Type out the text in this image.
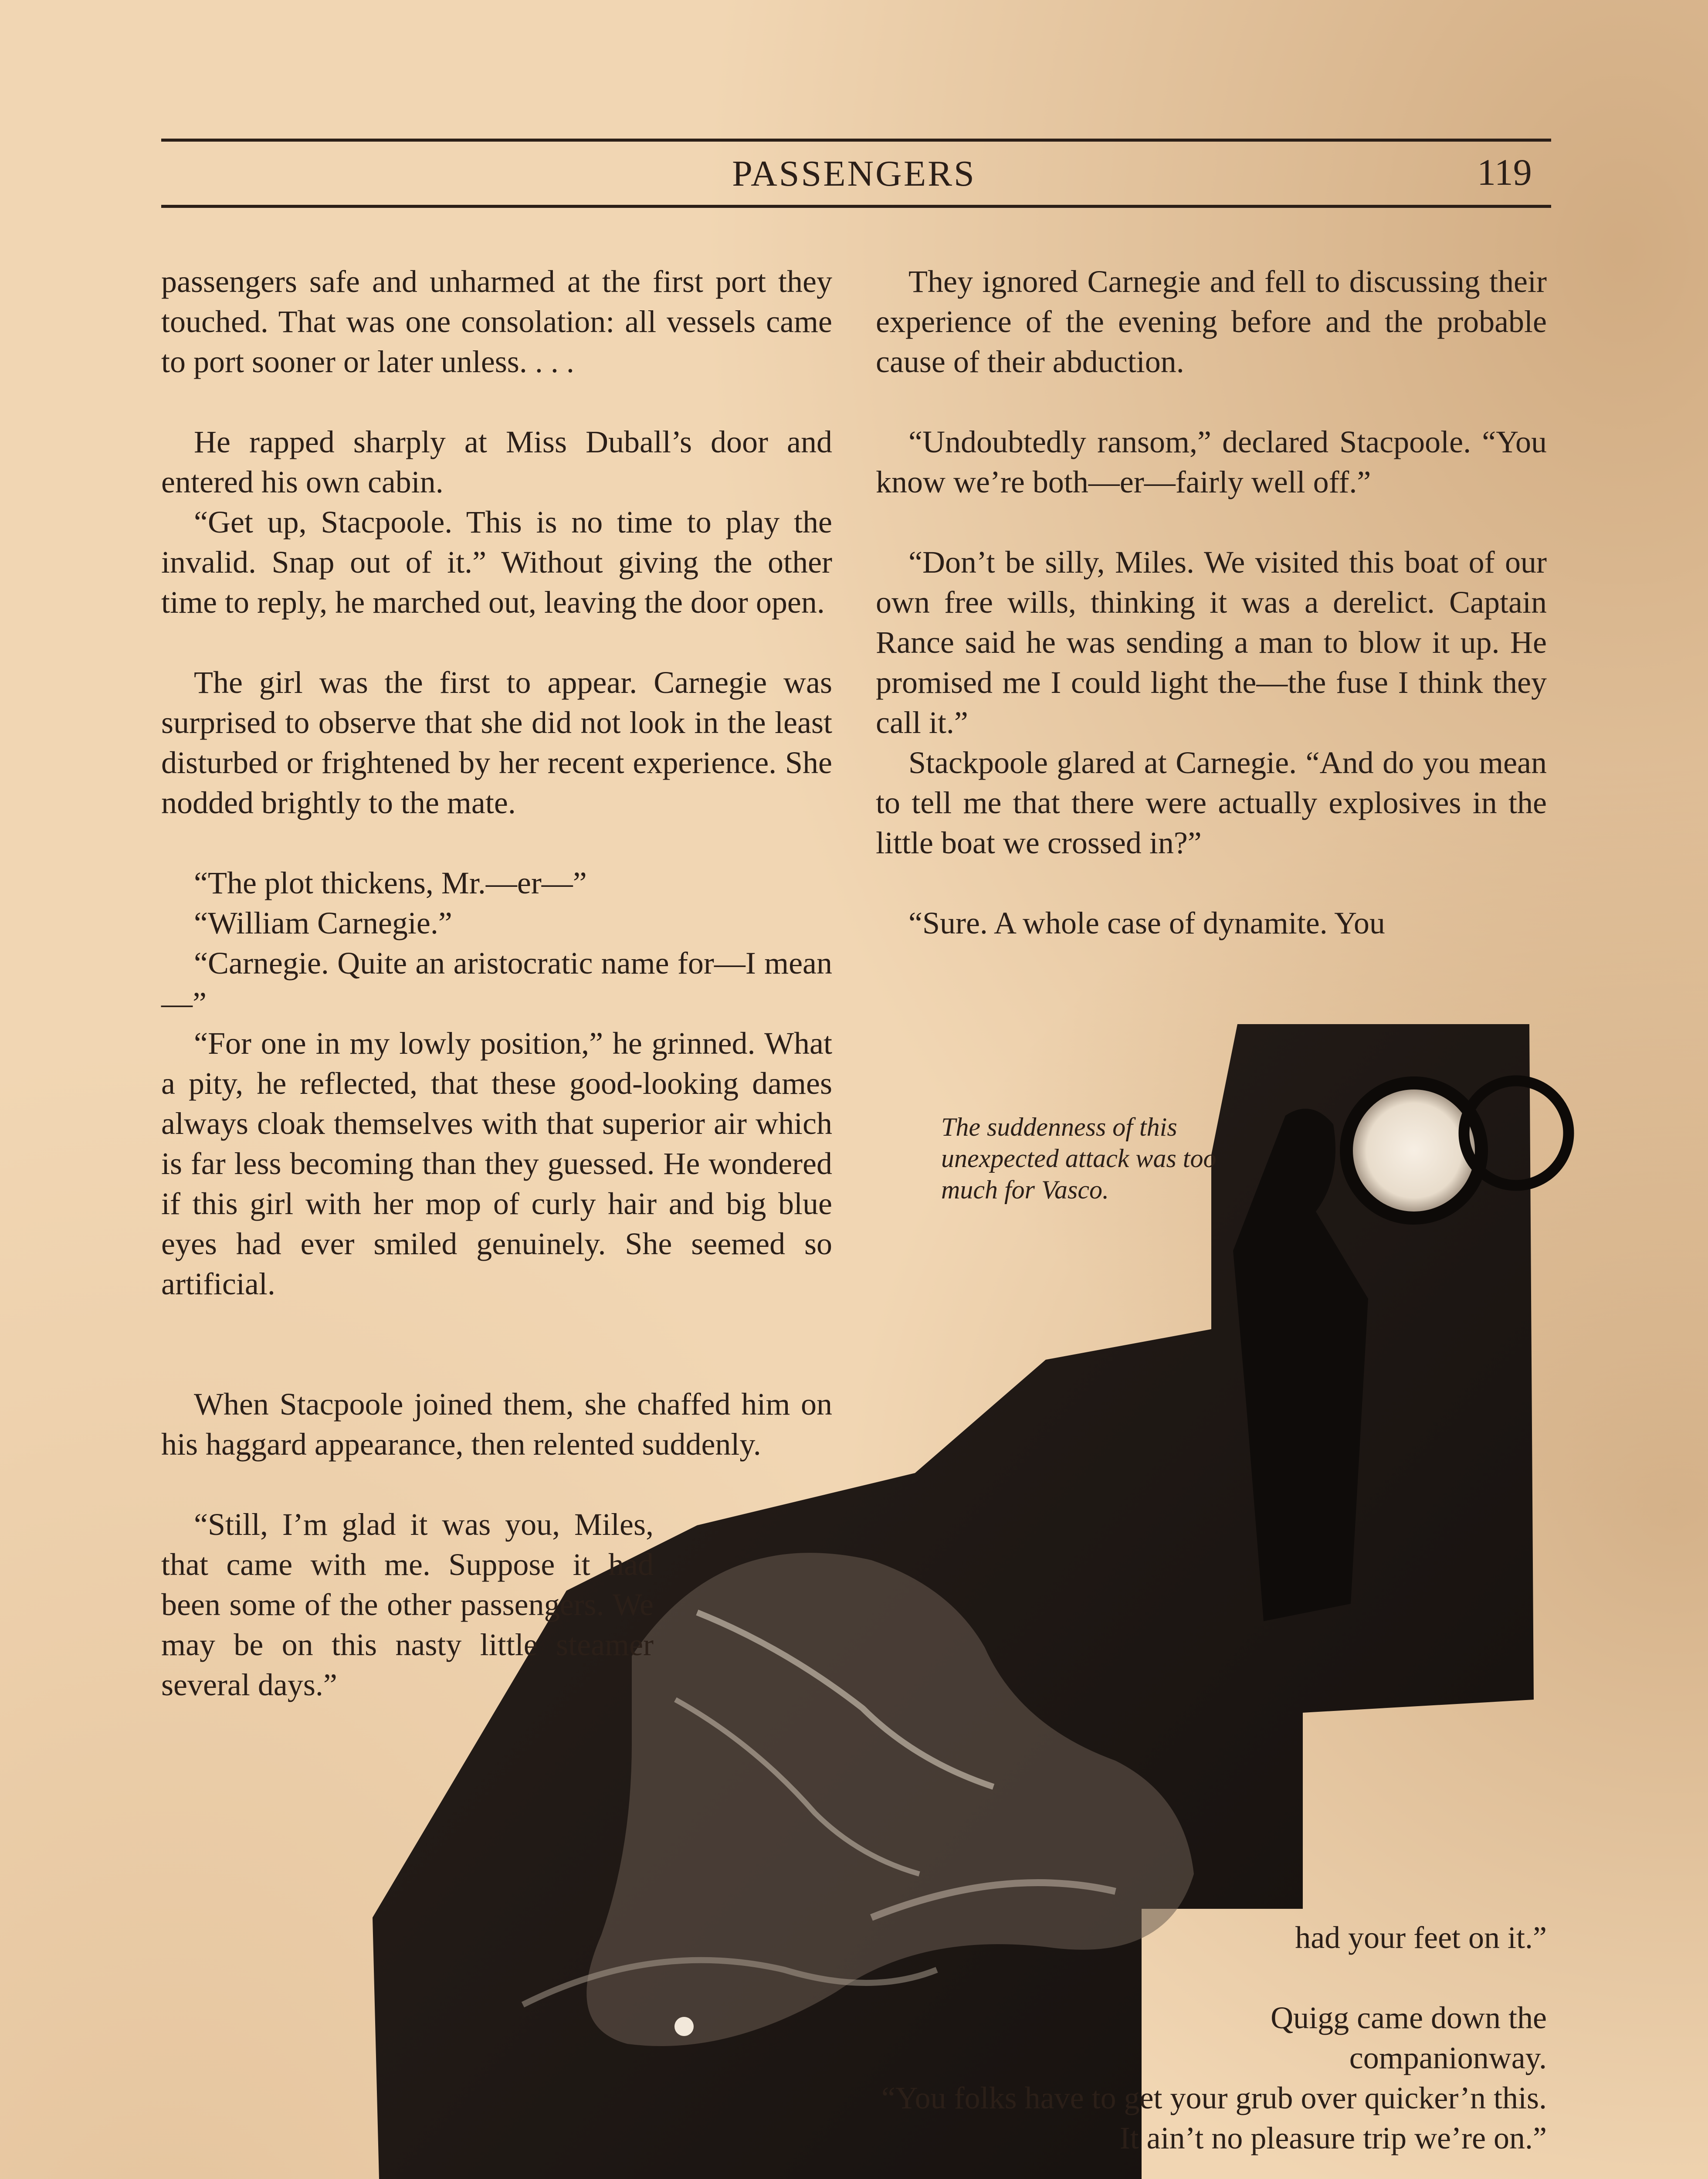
PASSENGERS	119

The suddenness of this unexpected attack was too much for Vasco.

passengers safe and unharmed at the first port they touched. That was one consolation: all vessels came to port sooner or later unless. . . .

He rapped sharply at Miss Duball’s door and entered his own cabin.

“Get up, Stacpoole. This is no time to play the invalid. Snap out of it.” Without giving the other time to reply, he marched out, leaving the door open.

The girl was the first to appear. Carnegie was surprised to observe that she did not look in the least disturbed or frightened by her recent experience. She nodded brightly to the mate.

“The plot thickens, Mr.—er—”

“William Carnegie.”

“Carnegie. Quite an aristocratic name for—I mean—”

“For one in my lowly position,” he grinned. What a pity, he reflected, that these good-looking dames always cloak themselves with that superior air which is far less becoming than they guessed. He wondered if this girl with her mop of curly hair and big blue eyes had ever smiled genuinely. She seemed so artificial.

When Stacpoole joined them, she chaffed him on his haggard appearance, then relented suddenly.

“Still, I’m glad it was you, Miles, that came with me. Suppose it had been some of the other passengers. We may be on this nasty little steamer several days.”

They ignored Carnegie and fell to discussing their experience of the evening before and the probable cause of their abduction.

“Undoubtedly ransom,” declared Stacpoole. “You know we’re both—er—fairly well off.”

“Don’t be silly, Miles. We visited this boat of our own free wills, thinking it was a derelict. Captain Rance said he was sending a man to blow it up. He promised me I could light the—the fuse I think they call it.”

Stackpoole glared at Carnegie. “And do you mean to tell me that there were actually explosives in the little boat we crossed in?”

“Sure. A whole case of dynamite. You

had your feet on it.”

Quigg came down the companionway.

“You folks have to get your grub over quicker’n this. It ain’t no pleasure trip we’re on.”
